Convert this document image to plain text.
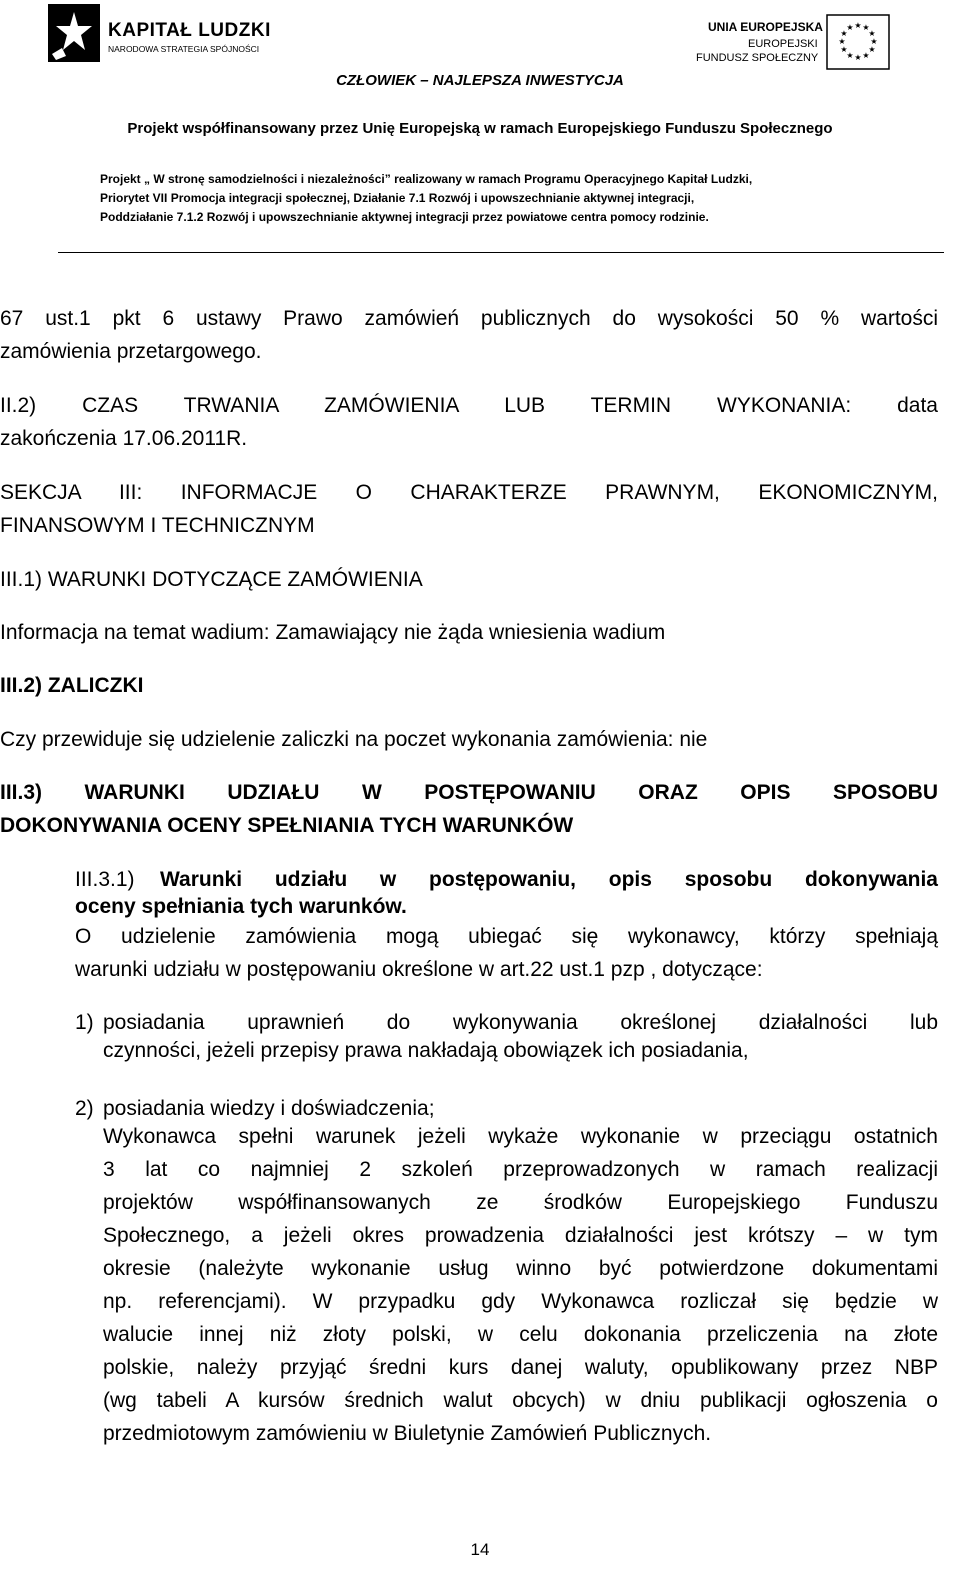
KAPITAŁ LUDZKI
NARODOWA STRATEGIA SPÓJNOŚCI
UNIA EUROPEJSKA
EUROPEJSKI
FUNDUSZ SPOŁECZNY
★ ★
★
★
★
★
★
★
★
★
★
★
CZŁOWIEK – NAJLEPSZA INWESTYCJA
Projekt współfinansowany przez Unię Europejską w ramach Europejskiego Funduszu Społecznego
Projekt „ W stronę samodzielności i niezależności” realizowany w ramach Programu Operacyjnego Kapitał Ludzki,
Priorytet VII Promocja integracji społecznej, Działanie 7.1 Rozwój i upowszechnianie aktywnej integracji,
Poddziałanie 7.1.2 Rozwój i upowszechnianie aktywnej integracji przez powiatowe centra pomocy rodzinie.
67 ust.1 pkt 6 ustawy Prawo zamówień publicznych do wysokości 50 % wartości
zamówienia przetargowego.
II.2) CZAS TRWANIA ZAMÓWIENIA LUB TERMIN WYKONANIA: data
zakończenia 17.06.2011R.
SEKCJA III: INFORMACJE O CHARAKTERZE PRAWNYM, EKONOMICZNYM,
FINANSOWYM I TECHNICZNYM
III.1) WARUNKI DOTYCZĄCE ZAMÓWIENIA
Informacja na temat wadium: Zamawiający nie żąda wniesienia wadium
III.2) ZALICZKI
Czy przewiduje się udzielenie zaliczki na poczet wykonania zamówienia: nie
III.3) WARUNKI UDZIAŁU W POSTĘPOWANIU ORAZ OPIS SPOSOBU
DOKONYWANIA OCENY SPEŁNIANIA TYCH WARUNKÓW
III.3.1) Warunki udziału w postępowaniu, opis sposobu dokonywania
oceny spełniania tych warunków.
O udzielenie zamówienia mogą ubiegać się wykonawcy, którzy spełniają
warunki udziału w postępowaniu określone w art.22 ust.1 pzp , dotyczące:
1) posiadania uprawnień do wykonywania określonej działalności lub
czynności, jeżeli przepisy prawa nakładają obowiązek ich posiadania,
2) posiadania wiedzy i doświadczenia;
Wykonawca spełni warunek jeżeli wykaże wykonanie w przeciągu ostatnich
3 lat co najmniej 2 szkoleń przeprowadzonych w ramach realizacji
projektów współfinansowanych ze środków Europejskiego Funduszu
Społecznego, a jeżeli okres prowadzenia działalności jest krótszy – w tym
okresie (należyte wykonanie usług winno być potwierdzone dokumentami
np. referencjami). W przypadku gdy Wykonawca rozliczał się będzie w
walucie innej niż złoty polski, w celu dokonania przeliczenia na złote
polskie, należy przyjąć średni kurs danej waluty, opublikowany przez NBP
(wg tabeli A kursów średnich walut obcych) w dniu publikacji ogłoszenia o
przedmiotowym zamówieniu w Biuletynie Zamówień Publicznych.
14
